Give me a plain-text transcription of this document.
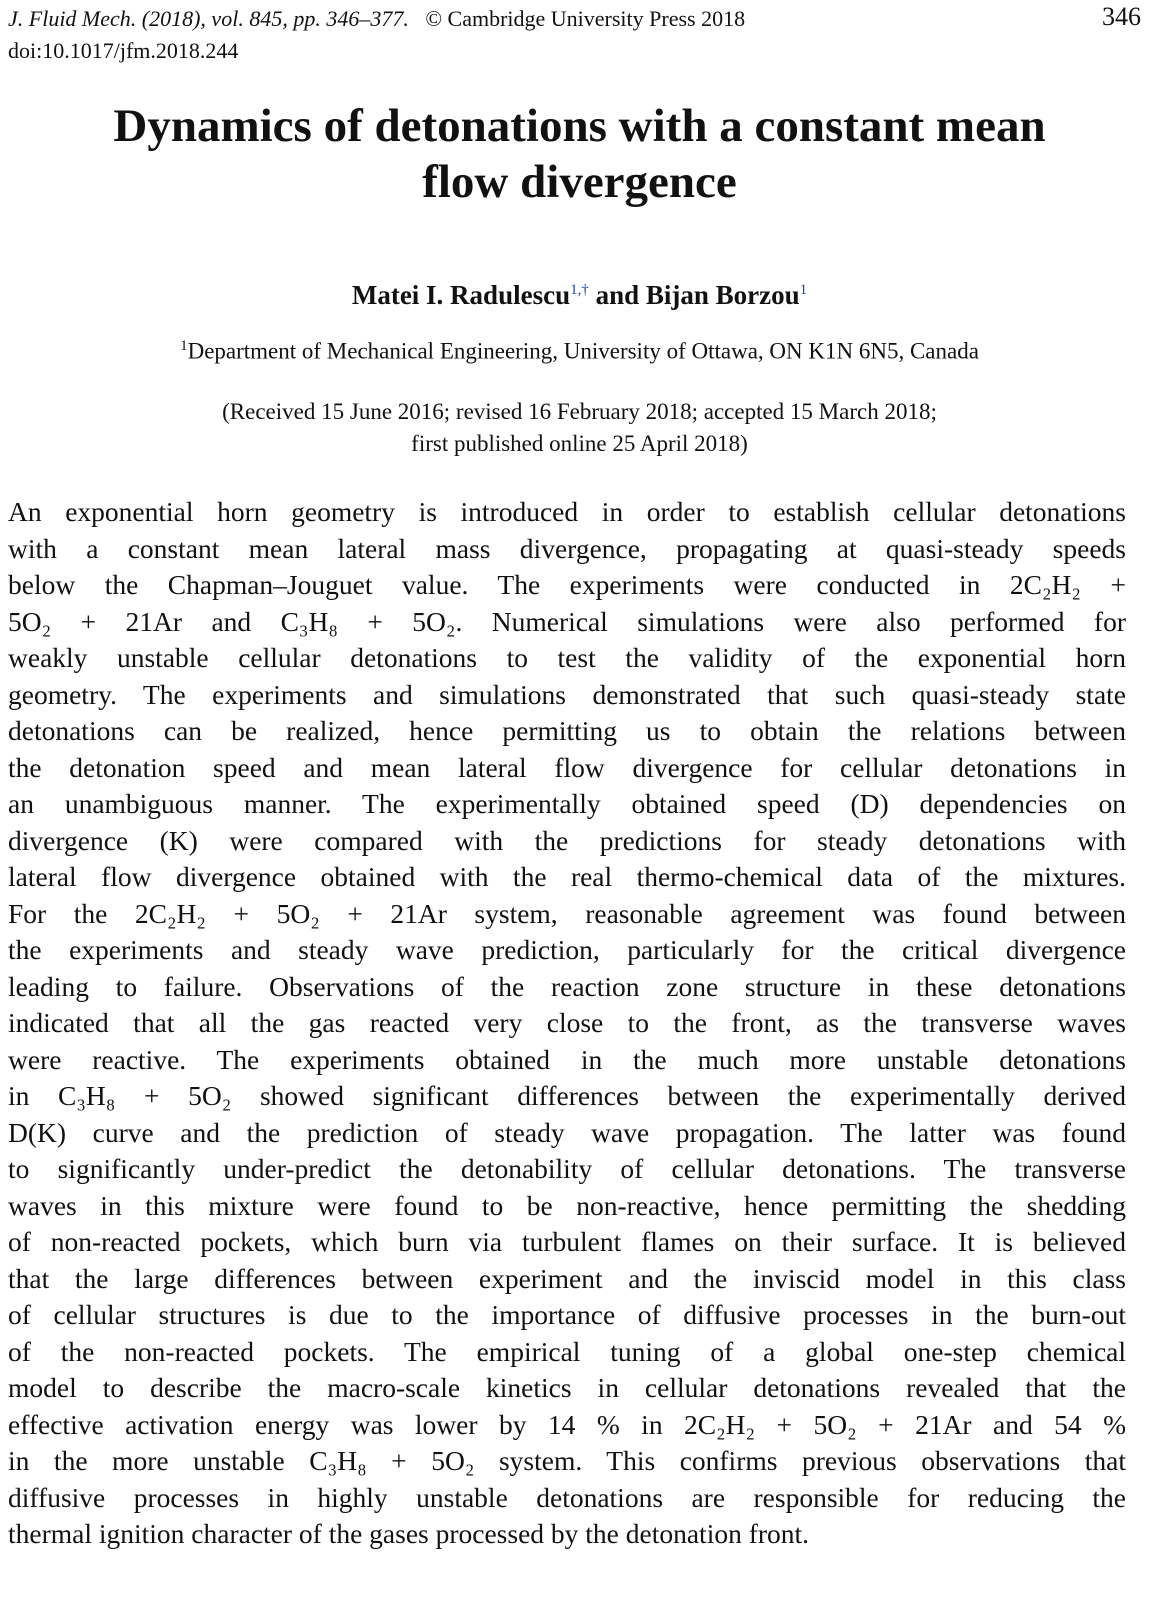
J. Fluid Mech. (2018), vol. 845, pp. 346–377. © Cambridge University Press 2018
doi:10.1017/jfm.2018.244
346
Dynamics of detonations with a constant mean
flow divergence
Matei I. Radulescu$^{1,\dagger}$ and Bijan Borzou$^1$
$^1$Department of Mechanical Engineering, University of Ottawa, ON K1N 6N5, Canada
(Received 15 June 2016; revised 16 February 2018; accepted 15 March 2018;
first published online 25 April 2018)
An exponential horn geometry is introduced in order to establish cellular detonations
with a constant mean lateral mass divergence, propagating at quasi-steady speeds
below the Chapman–Jouguet value. The experiments were conducted in 2C₂H₂ +
5O₂ + 21Ar and C₃H₈ + 5O₂. Numerical simulations were also performed for
weakly unstable cellular detonations to test the validity of the exponential horn
geometry. The experiments and simulations demonstrated that such quasi-steady state
detonations can be realized, hence permitting us to obtain the relations between
the detonation speed and mean lateral flow divergence for cellular detonations in
an unambiguous manner. The experimentally obtained speed (D) dependencies on
divergence (K) were compared with the predictions for steady detonations with
lateral flow divergence obtained with the real thermo-chemical data of the mixtures.
For the 2C₂H₂ + 5O₂ + 21Ar system, reasonable agreement was found between
the experiments and steady wave prediction, particularly for the critical divergence
leading to failure. Observations of the reaction zone structure in these detonations
indicated that all the gas reacted very close to the front, as the transverse waves
were reactive. The experiments obtained in the much more unstable detonations
in C₃H₈ + 5O₂ showed significant differences between the experimentally derived
D(K) curve and the prediction of steady wave propagation. The latter was found
to significantly under-predict the detonability of cellular detonations. The transverse
waves in this mixture were found to be non-reactive, hence permitting the shedding
of non-reacted pockets, which burn via turbulent flames on their surface. It is believed
that the large differences between experiment and the inviscid model in this class
of cellular structures is due to the importance of diffusive processes in the burn-out
of the non-reacted pockets. The empirical tuning of a global one-step chemical
model to describe the macro-scale kinetics in cellular detonations revealed that the
effective activation energy was lower by 14 % in 2C₂H₂ + 5O₂ + 21Ar and 54 %
in the more unstable C₃H₈ + 5O₂ system. This confirms previous observations that
diffusive processes in highly unstable detonations are responsible for reducing the
thermal ignition character of the gases processed by the detonation front.
